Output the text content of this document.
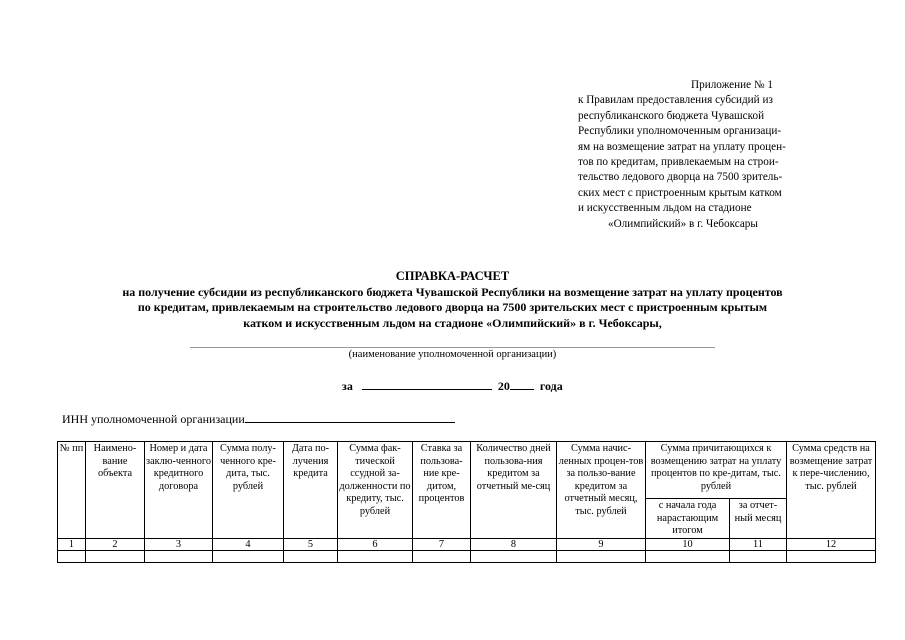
Приложение № 1

к Правилам предоставления субсидий из

республиканского бюджета Чувашской

Республики уполномоченным организаци-

ям на возмещение затрат на уплату процен-

тов по кредитам, привлекаемым на строи-

тельство ледового дворца на 7500 зритель-

ских мест с пристроенным крытым катком

и искусственным льдом на стадионе

«Олимпийский» в г. Чебоксары

СПРАВКА-РАСЧЕТ
на получение субсидии из республиканского бюджета Чувашской Республики на возмещение затрат на уплату процентов
по кредитам, привлекаемым на строительство ледового дворца на 7500 зрительских мест с пристроенным крытым
катком и искусственным льдом на стадионе «Олимпийский» в г. Чебоксары,
(наименование уполномоченной организации)
за	20	года
ИНН уполномоченной организации
№ пп	Наимено-вание объекта	Номер и дата заклю-ченного кредитного договора	Сумма полу-ченного кре-дита, тыс. рублей	Дата по-лучения кредита	Сумма фак-тической ссудной за-долженности по кредиту, тыс. рублей	Ставка за пользова-ние кре-дитом, процентов	Количество дней пользова-ния кредитом за отчетный ме-сяц	Сумма начис-ленных процен-тов за пользо-вание кредитом за отчетный месяц, тыс. рублей	Сумма причитающихся к возмещению затрат на уплату процентов по кре-дитам, тыс. рублей		Сумма средств на возмещение затрат к пере-числению, тыс. рублей
									с начала года нарастающим итогом	за отчет-ный месяц	
1	2	3	4	5	6	7	8	9	10	11	12
